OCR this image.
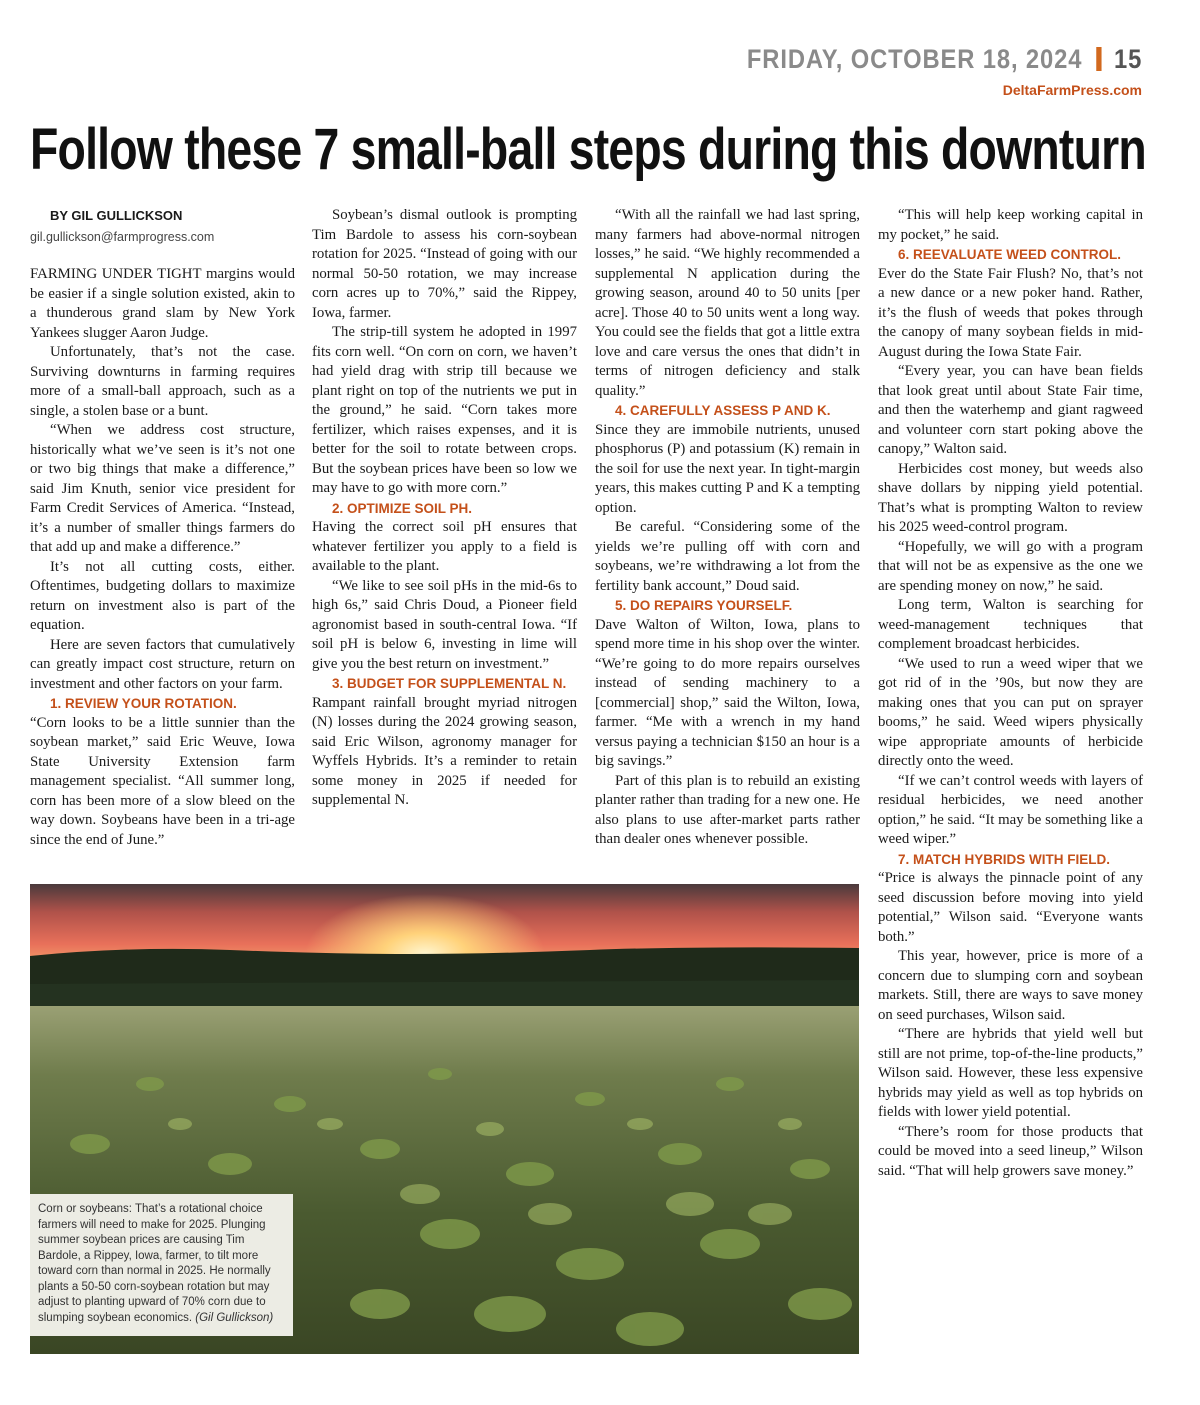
FRIDAY, OCTOBER 18, 2024 15
DeltaFarmPress.com
Follow these 7 small-ball steps during this downturn

BY GIL GULLICKSON

gil.gullickson@farmprogress.com

FARMING UNDER TIGHT margins would be easier if a single solution existed, akin to a thunderous grand slam by New York Yankees slugger Aaron Judge.

Unfortunately, that’s not the case. Surviving downturns in farming requires more of a small-ball approach, such as a single, a stolen base or a bunt.

“When we address cost structure, historically what we’ve seen is it’s not one or two big things that make a difference,” said Jim Knuth, senior vice president for Farm Credit Services of America. “Instead, it’s a number of smaller things farmers do that add up and make a difference.”

It’s not all cutting costs, either. Oftentimes, budgeting dollars to maximize return on investment also is part of the equation.

Here are seven factors that cumulatively can greatly impact cost structure, return on investment and other factors on your farm.

1. REVIEW YOUR ROTATION.

“Corn looks to be a little sunnier than the soybean market,” said Eric Weuve, Iowa State University Extension farm management specialist. “All summer long, corn has been more of a slow bleed on the way down. Soybeans have been in a tri-age since the end of June.”

Soybean’s dismal outlook is prompting Tim Bardole to assess his corn-soybean rotation for 2025. “Instead of going with our normal 50-50 rotation, we may increase corn acres up to 70%,” said the Rippey, Iowa, farmer.

The strip-till system he adopted in 1997 fits corn well. “On corn on corn, we haven’t had yield drag with strip till because we plant right on top of the nutrients we put in the ground,” he said. “Corn takes more fertilizer, which raises expenses, and it is better for the soil to rotate between crops. But the soybean prices have been so low we may have to go with more corn.”

2. OPTIMIZE SOIL PH.

Having the correct soil pH ensures that whatever fertilizer you apply to a field is available to the plant.

“We like to see soil pHs in the mid-6s to high 6s,” said Chris Doud, a Pioneer field agronomist based in south-central Iowa. “If soil pH is below 6, investing in lime will give you the best return on investment.”

3. BUDGET FOR SUPPLEMENTAL N.

Rampant rainfall brought myriad nitrogen (N) losses during the 2024 growing season, said Eric Wilson, agronomy manager for Wyffels Hybrids. It’s a reminder to retain some money in 2025 if needed for supplemental N.

“With all the rainfall we had last spring, many farmers had above-normal nitrogen losses,” he said. “We highly recommended a supplemental N application during the growing season, around 40 to 50 units [per acre]. Those 40 to 50 units went a long way. You could see the fields that got a little extra love and care versus the ones that didn’t in terms of nitrogen deficiency and stalk quality.”

4. CAREFULLY ASSESS P AND K.

Since they are immobile nutrients, unused phosphorus (P) and potassium (K) remain in the soil for use the next year. In tight-margin years, this makes cutting P and K a tempting option.

Be careful. “Considering some of the yields we’re pulling off with corn and soybeans, we’re withdrawing a lot from the fertility bank account,” Doud said.

5. DO REPAIRS YOURSELF.

Dave Walton of Wilton, Iowa, plans to spend more time in his shop over the winter. “We’re going to do more repairs ourselves instead of sending machinery to a [commercial] shop,” said the Wilton, Iowa, farmer. “Me with a wrench in my hand versus paying a technician $150 an hour is a big savings.”

Part of this plan is to rebuild an existing planter rather than trading for a new one. He also plans to use after-market parts rather than dealer ones whenever possible.

“This will help keep working capital in my pocket,” he said.

6. REEVALUATE WEED CONTROL.

Ever do the State Fair Flush? No, that’s not a new dance or a new poker hand. Rather, it’s the flush of weeds that pokes through the canopy of many soybean fields in mid-August during the Iowa State Fair.

“Every year, you can have bean fields that look great until about State Fair time, and then the waterhemp and giant ragweed and volunteer corn start poking above the canopy,” Walton said.

Herbicides cost money, but weeds also shave dollars by nipping yield potential. That’s what is prompting Walton to review his 2025 weed-control program.

“Hopefully, we will go with a program that will not be as expensive as the one we are spending money on now,” he said.

Long term, Walton is searching for weed-management techniques that complement broadcast herbicides.

“We used to run a weed wiper that we got rid of in the ’90s, but now they are making ones that you can put on sprayer booms,” he said. Weed wipers physically wipe appropriate amounts of herbicide directly onto the weed.

“If we can’t control weeds with layers of residual herbicides, we need another option,” he said. “It may be something like a weed wiper.”

7. MATCH HYBRIDS WITH FIELD.

“Price is always the pinnacle point of any seed discussion before moving into yield potential,” Wilson said. “Everyone wants both.”

This year, however, price is more of a concern due to slumping corn and soybean markets. Still, there are ways to save money on seed purchases, Wilson said.

“There are hybrids that yield well but still are not prime, top-of-the-line products,” Wilson said. However, these less expensive hybrids may yield as well as top hybrids on fields with lower yield potential.

“There’s room for those products that could be moved into a seed lineup,” Wilson said. “That will help growers save money.”

Corn or soybeans: That’s a rotational choice farmers will need to make for 2025. Plunging summer soybean prices are causing Tim Bardole, a Rippey, Iowa, farmer, to tilt more toward corn than normal in 2025. He normally plants a 50-50 corn-soybean rotation but may adjust to planting upward of 70% corn due to slumping soybean economics. (Gil Gullickson)
